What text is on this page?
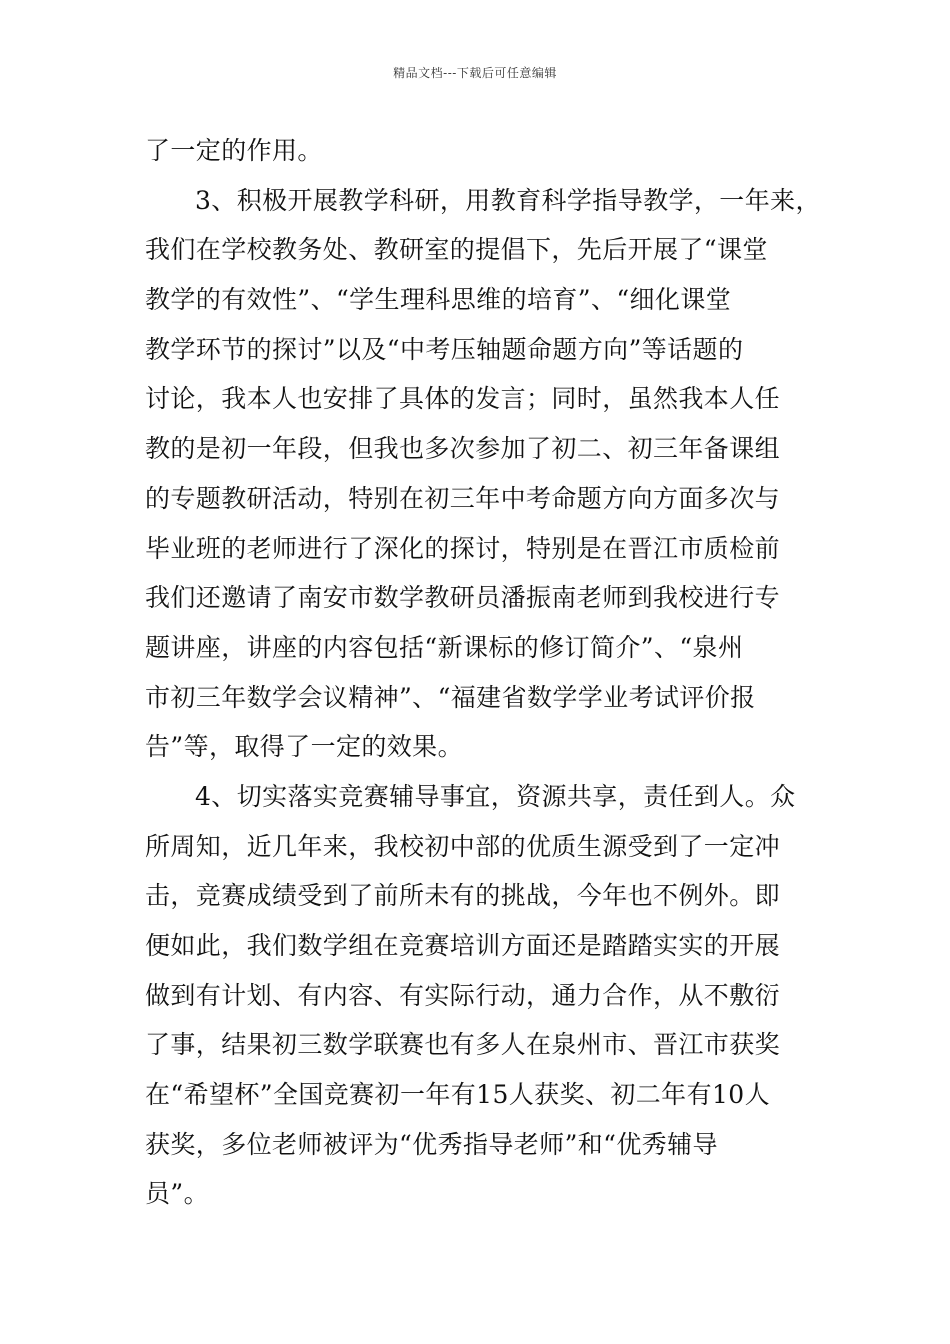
精品文档---下载后可任意编辑
了一定的作用。
3、积极开展教学科研，用教育科学指导教学，一年来，
我们在学校教务处、教研室的提倡下，先后开展了“课堂
教学的有效性”、“学生理科思维的培育”、“细化课堂
教学环节的探讨”以及“中考压轴题命题方向”等话题的
讨论，我本人也安排了具体的发言；同时，虽然我本人任
教的是初一年段，但我也多次参加了初二、初三年备课组
的专题教研活动，特别在初三年中考命题方向方面多次与
毕业班的老师进行了深化的探讨，特别是在晋江市质检前
我们还邀请了南安市数学教研员潘振南老师到我校进行专
题讲座，讲座的内容包括“新课标的修订简介”、“泉州
市初三年数学会议精神”、“福建省数学学业考试评价报
告”等，取得了一定的效果。
4、切实落实竞赛辅导事宜，资源共享，责任到人。众
所周知，近几年来，我校初中部的优质生源受到了一定冲
击，竞赛成绩受到了前所未有的挑战，今年也不例外。即
便如此，我们数学组在竞赛培训方面还是踏踏实实的开展
做到有计划、有内容、有实际行动，通力合作，从不敷衍
了事，结果初三数学联赛也有多人在泉州市、晋江市获奖
在“希望杯”全国竞赛初一年有15人获奖、初二年有10人
获奖，多位老师被评为“优秀指导老师”和“优秀辅导
员”。
